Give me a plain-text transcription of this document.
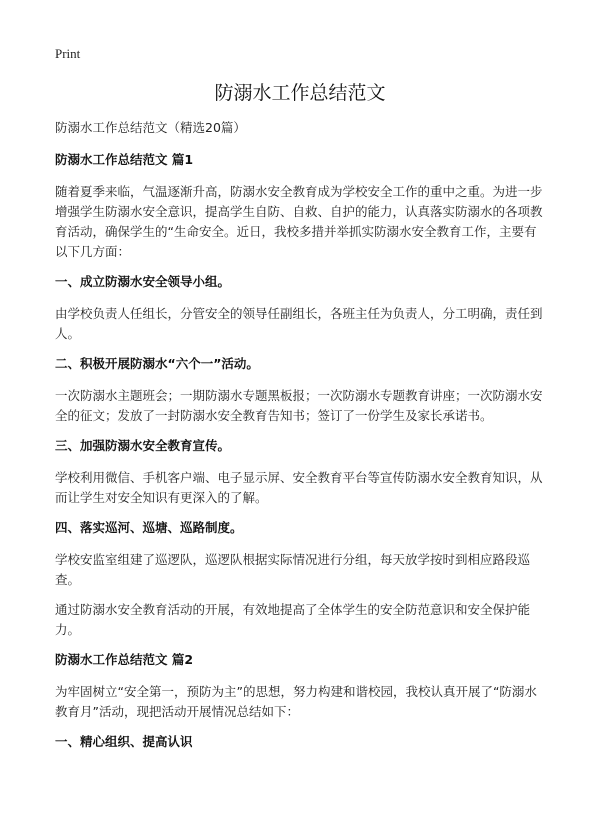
Print
防溺水工作总结范文

防溺水工作总结范文（精选20篇）

防溺水工作总结范文 篇1

随着夏季来临，气温逐渐升高，防溺水安全教育成为学校安全工作的重中之重。为进一步增强学生防溺水安全意识，提高学生自防、自救、自护的能力，认真落实防溺水的各项教育活动，确保学生的“生命安全。近日，我校多措并举抓实防溺水安全教育工作，主要有以下几方面：

一、成立防溺水安全领导小组。

由学校负责人任组长，分管安全的领导任副组长，各班主任为负责人，分工明确，责任到人。

二、积极开展防溺水“六个一”活动。

一次防溺水主题班会；一期防溺水专题黑板报；一次防溺水专题教育讲座；一次防溺水安全的征文；发放了一封防溺水安全教育告知书；签订了一份学生及家长承诺书。

三、加强防溺水安全教育宣传。

学校利用微信、手机客户端、电子显示屏、安全教育平台等宣传防溺水安全教育知识，从而让学生对安全知识有更深入的了解。

四、落实巡河、巡塘、巡路制度。

学校安监室组建了巡逻队，巡逻队根据实际情况进行分组，每天放学按时到相应路段巡查。

通过防溺水安全教育活动的开展，有效地提高了全体学生的安全防范意识和安全保护能力。

防溺水工作总结范文 篇2

为牢固树立“安全第一，预防为主”的思想，努力构建和谐校园，我校认真开展了“防溺水教育月”活动，现把活动开展情况总结如下：

一、精心组织、提高认识
